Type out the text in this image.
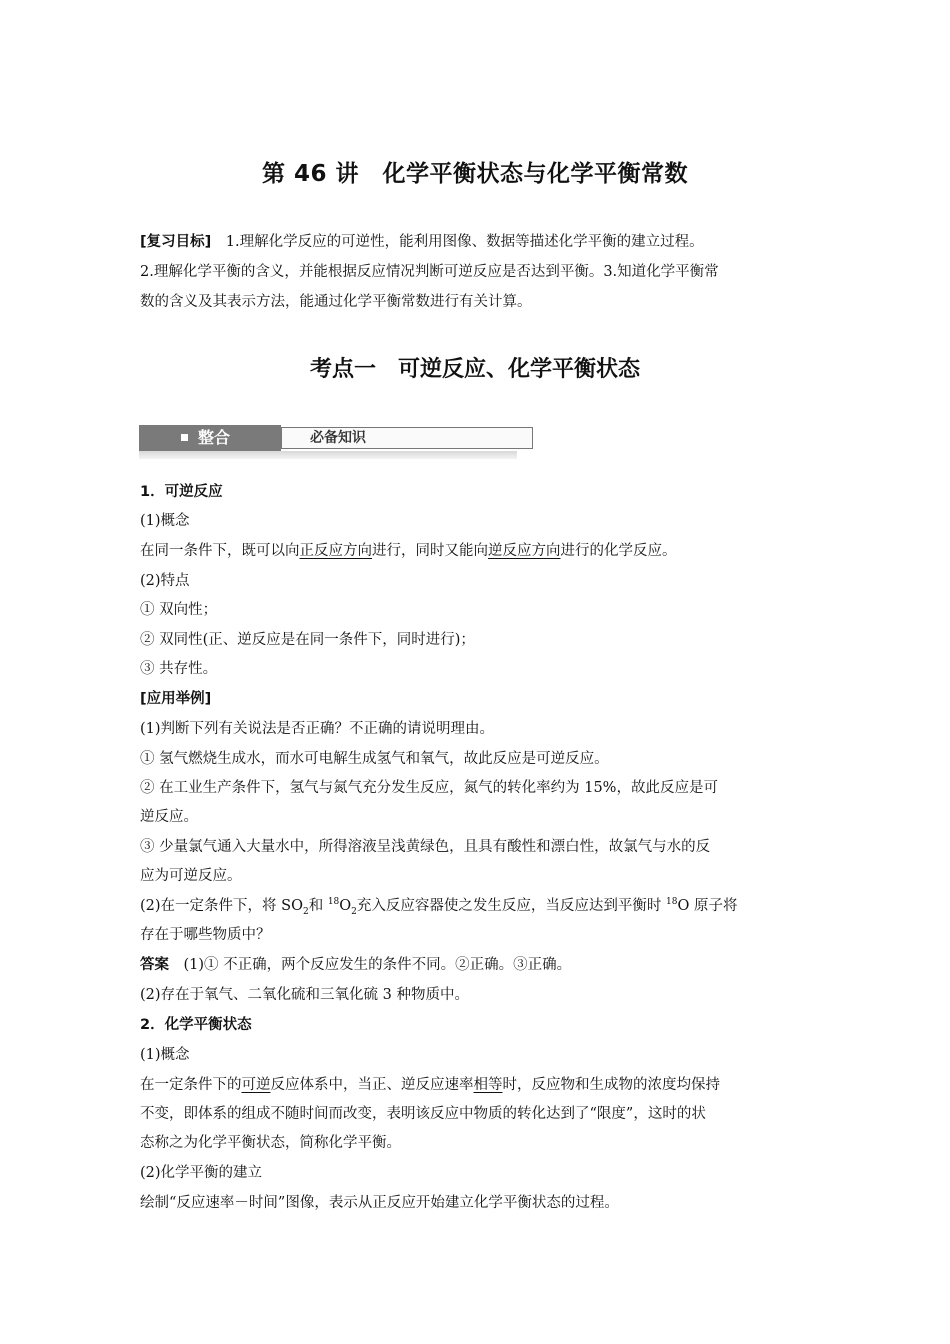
第 46 讲　化学平衡状态与化学平衡常数
[复习目标]　 1.理解化学反应的可逆性，能利用图像、数据等描述化学平衡的建立过程。
2.理解化学平衡的含义，并能根据反应情况判断可逆反应是否达到平衡。3.知道化学平衡常
数的含义及其表示方法，能通过化学平衡常数进行有关计算。
考点一　可逆反应、化学平衡状态
整合	必备知识
1．可逆反应
(1)概念
在同一条件下，既可以向正反应方向进行，同时又能向逆反应方向进行的化学反应。
(2)特点
① 双向性；
② 双同性(正、逆反应是在同一条件下，同时进行)；
③ 共存性。
[应用举例]
(1)判断下列有关说法是否正确？不正确的请说明理由。
① 氢气燃烧生成水，而水可电解生成氢气和氧气，故此反应是可逆反应。
② 在工业生产条件下，氢气与氮气充分发生反应，氮气的转化率约为 15%，故此反应是可
逆反应。
③ 少量氯气通入大量水中，所得溶液呈浅黄绿色，且具有酸性和漂白性，故氯气与水的反
应为可逆反应。
(2)在一定条件下，将 $SO_2$和 $^{18}O_2$充入反应容器使之发生反应，当反应达到平衡时 $^{18}$O 原子将
存在于哪些物质中？
答案　(1)① 不正确，两个反应发生的条件不同。②正确。③正确。
(2)存在于氧气、二氧化硫和三氧化硫 3 种物质中。
2．化学平衡状态
(1)概念
在一定条件下的可逆反应体系中，当正、逆反应速率相等时，反应物和生成物的浓度均保持
不变，即体系的组成不随时间而改变，表明该反应中物质的转化达到了“限度”，这时的状
态称之为化学平衡状态，简称化学平衡。
(2)化学平衡的建立
绘制“反应速率－时间”图像，表示从正反应开始建立化学平衡状态的过程。
